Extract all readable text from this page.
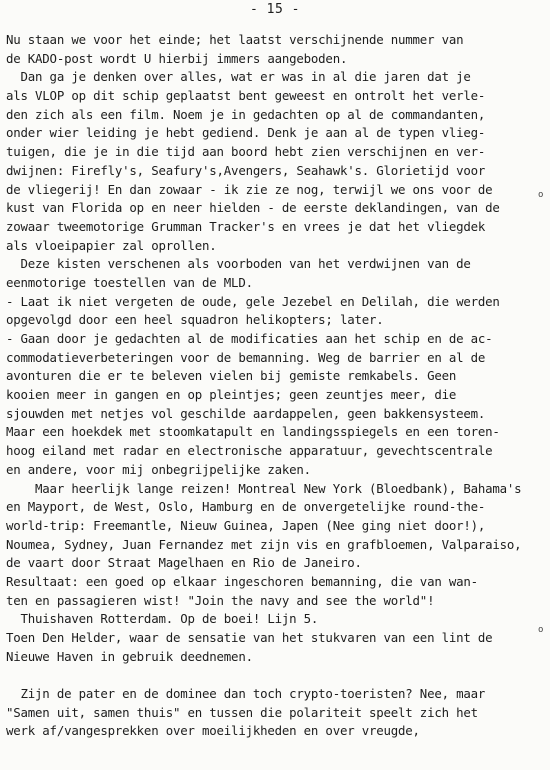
- 15 -
Nu staan we voor het einde; het laatst verschijnende nummer van
de KADO-post wordt U hierbij immers aangeboden.
Dan ga je denken over alles, wat er was in al die jaren dat je
als VLOP op dit schip geplaatst bent geweest en ontrolt het verle-
den zich als een film. Noem je in gedachten op al de commandanten,
onder wier leiding je hebt gediend. Denk je aan al de typen vlieg-
tuigen, die je in die tijd aan boord hebt zien verschijnen en ver-
dwijnen: Firefly's, Seafury's,Avengers, Seahawk's. Glorietijd voor
de vliegerij! En dan zowaar - ik zie ze nog, terwijl we ons voor de
kust van Florida op en neer hielden - de eerste deklandingen, van de
zowaar tweemotorige Grumman Tracker's en vrees je dat het vliegdek
als vloeipapier zal oprollen.
Deze kisten verschenen als voorboden van het verdwijnen van de
eenmotorige toestellen van de MLD.
- Laat ik niet vergeten de oude, gele Jezebel en Delilah, die werden
opgevolgd door een heel squadron helikopters; later.
- Gaan door je gedachten al de modificaties aan het schip en de ac-
commodatieverbeteringen voor de bemanning. Weg de barrier en al de
avonturen die er te beleven vielen bij gemiste remkabels. Geen
kooien meer in gangen en op pleintjes; geen zeuntjes meer, die
sjouwden met netjes vol geschilde aardappelen, geen bakkensysteem.
Maar een hoekdek met stoomkatapult en landingsspiegels en een toren-
hoog eiland met radar en electronische apparatuur, gevechtscentrale
en andere, voor mij onbegrijpelijke zaken.
Maar heerlijk lange reizen! Montreal New York (Bloedbank), Bahama's
en Mayport, de West, Oslo, Hamburg en de onvergetelijke round-the-
world-trip: Freemantle, Nieuw Guinea, Japen (Nee ging niet door!),
Noumea, Sydney, Juan Fernandez met zijn vis en grafbloemen, Valparaiso,
de vaart door Straat Magelhaen en Rio de Janeiro.
Resultaat: een goed op elkaar ingeschoren bemanning, die van wan-
ten en passagieren wist! "Join the navy and see the world"!
Thuishaven Rotterdam. Op de boei! Lijn 5.
Toen Den Helder, waar de sensatie van het stukvaren van een lint de
Nieuwe Haven in gebruik deednemen.
Zijn de pater en de dominee dan toch crypto-toeristen? Nee, maar
"Samen uit, samen thuis" en tussen die polariteit speelt zich het
werk af/vangesprekken over moeilijkheden en over vreugde,
o
o
